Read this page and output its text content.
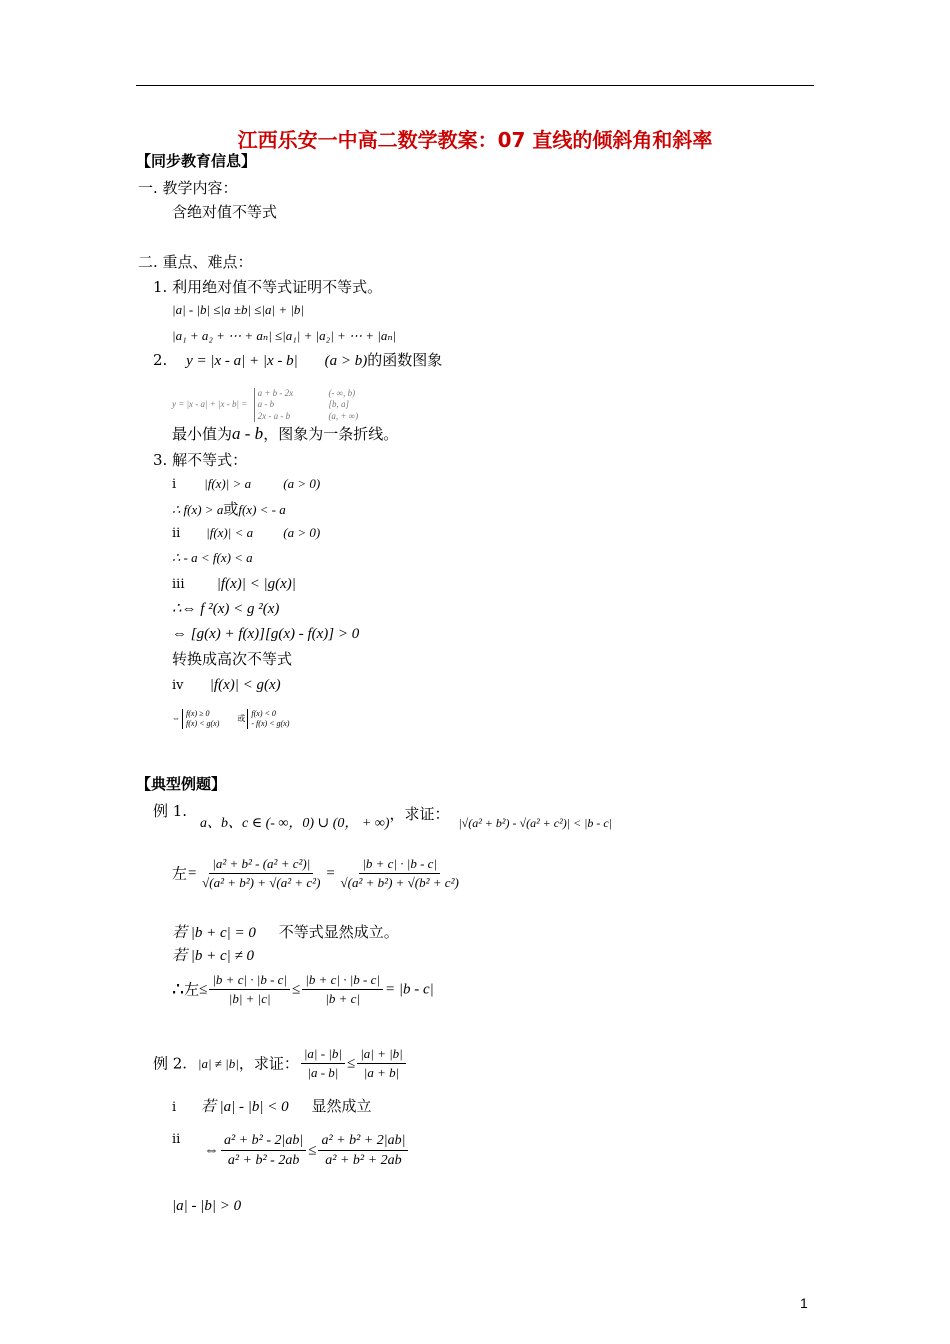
江西乐安一中高二数学教案：07 直线的倾斜角和斜率
【同步教育信息】
一. 教学内容：
含绝对值不等式
二. 重点、难点：
1. 利用绝对值不等式证明不等式。
|a| - |b| ≤|a ±b| ≤|a| + |b|
|a₁ + a₂ + ⋯ + aₙ| ≤|a₁| + |a₂| + ⋯ + |aₙ|
2. y = |x - a| + |x - b| (a > b)的函数图象
y = |x - a| + |x - b| = a + b - 2x
a - b
2x - a - b (- ∞, b)
[b, a]
(a, + ∞)
最小值为a - b，图象为一条折线。
3. 解不等式：
i |f(x)| > a (a > 0)
∴ f(x) > a或f(x) < - a
ii |f(x)| < a (a > 0)
∴ - a < f(x) < a
iii |f(x)| < |g(x)|
∴⇔ f ²(x) < g ²(x)
⇔ [g(x) + f(x)][g(x) - f(x)] > 0
转换成高次不等式
iv |f(x)| < g(x)
⇔ f(x) ≥ 0
f(x) < g(x) 或 f(x) < 0
- f(x) < g(x)
【典型例题】
例 1.
a、b、c ∈ (- ∞，0) ∪ (0， + ∞)，求证： $_{|√(a^2 + b^2) - √(a^2 + c^2)| < |b - c|}$
左= $\frac{\text{|a² + b² - (a² + c²)|}}{\text{√(a² + b²) + √(a² + c²)}} = \frac{|b + c| \cdot |b - c|}{\text{√(a² + b²) + √(b² + c²)}}$
若 |b + c| = 0 不等式显然成立。
若 |b + c| ≠ 0
∴左≤ $\frac{|b + c| \cdot |b - c|}{|b| + |c|} \le \frac{|b + c| \cdot |b - c|}{|b + c|} = |b - c|$
例 2. |a| ≠ |b|，求证： $\frac{|a| - |b|}{|a - b|} \le \frac{|a| + |b|}{|a + b|}$
i 若 |a| - |b| < 0 显然成立
ii⇔ $\frac{\text{a² + b² - 2|ab|}}{\text{a² + b² - 2ab}} \le \frac{\text{a² + b² + 2|ab|}}{\text{a² + b² + 2ab}}$
|a| - |b| > 0
1
